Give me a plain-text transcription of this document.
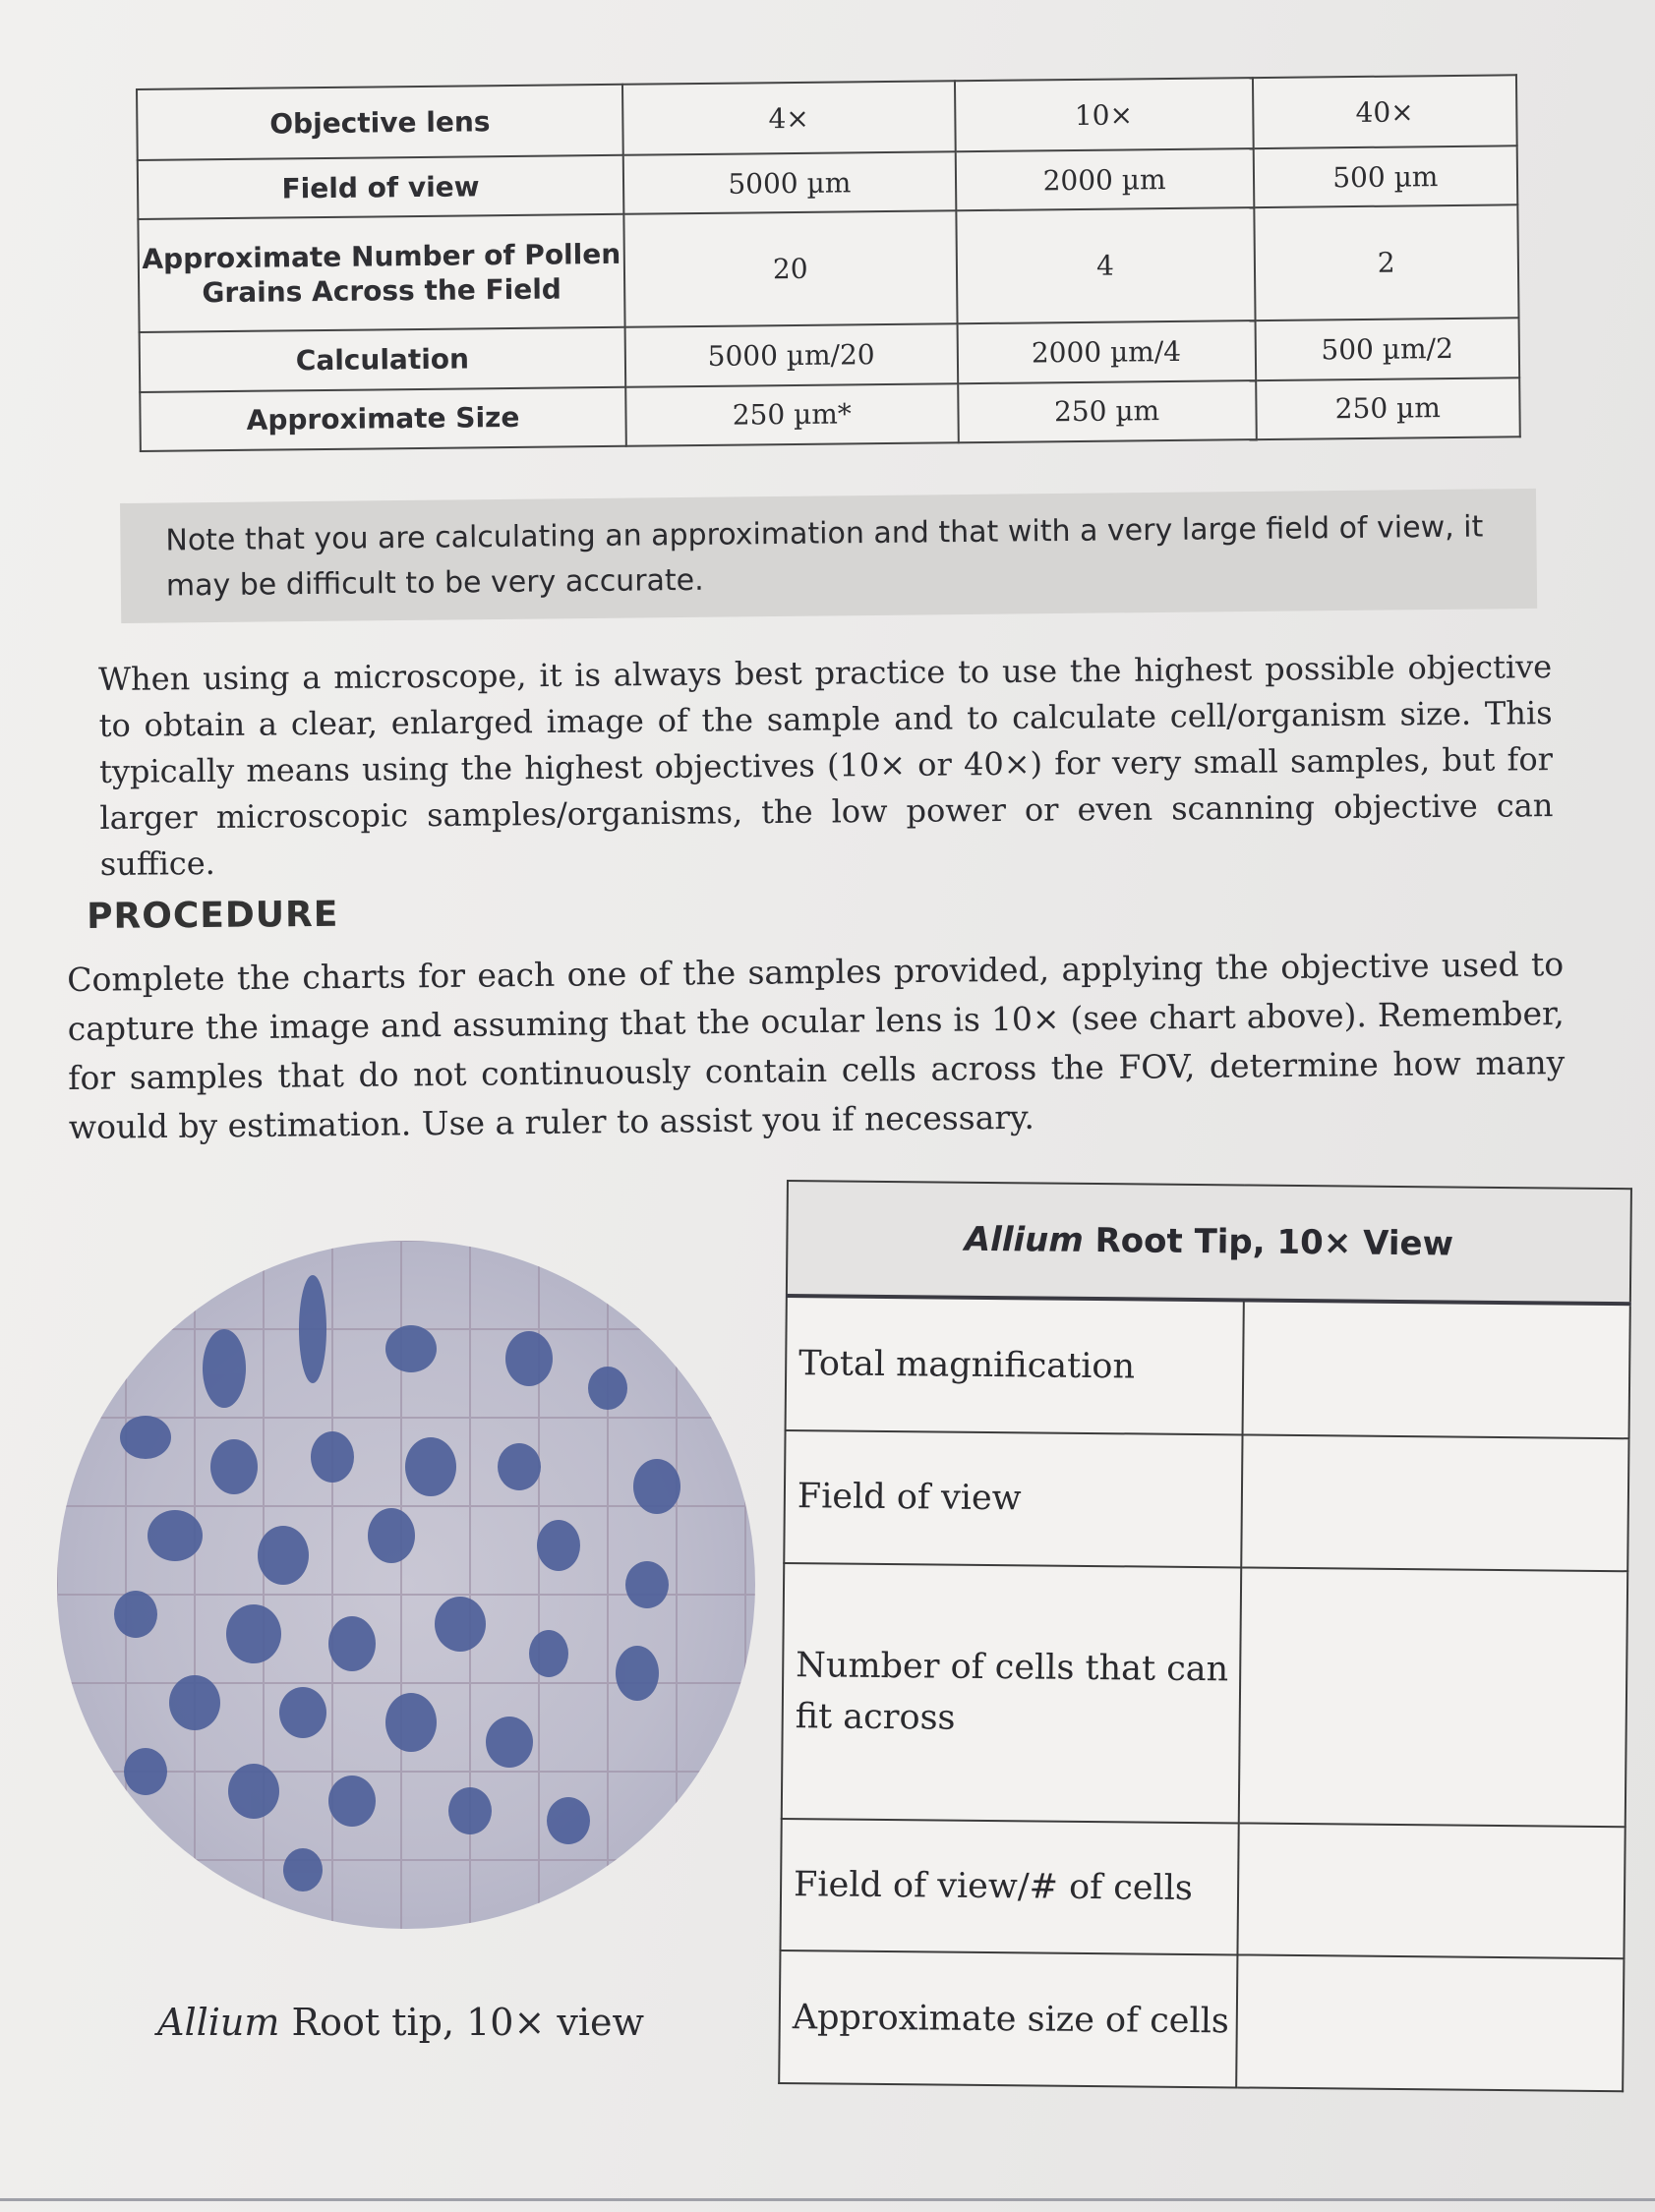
Objective lens	4×	10×	40×
Field of view	5000 µm	2000 µm	500 µm
Approximate Number of Pollen Grains Across the Field	20	4	2
Calculation	5000 µm/20	2000 µm/4	500 µm/2
Approximate Size	250 µm*	250 µm	250 µm
Note that you are calculating an approximation and that with a very large field of view, it may be difficult to be very accurate.
When using a microscope, it is always best practice to use the highest possible objective to obtain a clear, enlarged image of the sample and to calculate cell/organism size. This typically means using the highest objectives (10× or 40×) for very small samples, but for larger microscopic samples/organisms, the low power or even scanning objective can suffice.
PROCEDURE
Complete the charts for each one of the samples provided, applying the objective used to capture the image and assuming that the ocular lens is 10× (see chart above). Remember, for samples that do not continuously contain cells across the FOV, determine how many would by estimation. Use a ruler to assist you if necessary.
Allium Root tip, 10× view
Allium Root Tip, 10× View	
Total magnification	
Field of view	
Number of cells that can fit across	
Field of view/# of cells	
Approximate size of cells	
